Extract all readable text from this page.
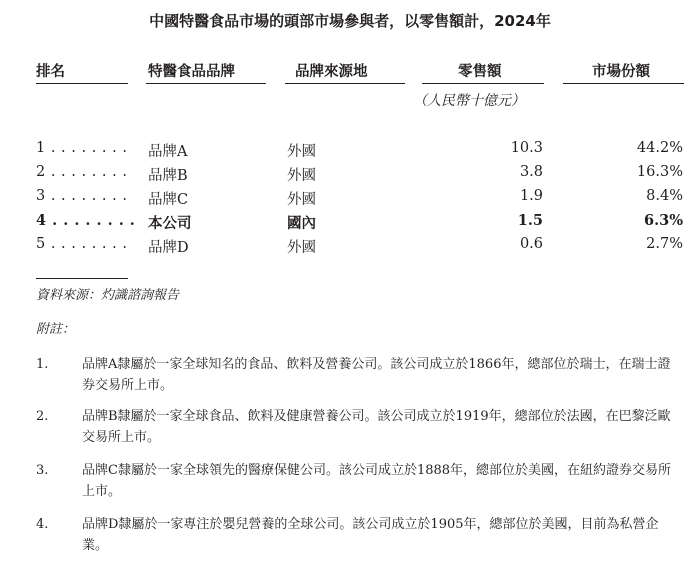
中國特醫食品市場的頭部市場參與者，以零售額計，2024年
排名	特醫食品品牌	品牌來源地	零售額	市場份額
（人民幣十億元）
1 . . . . . . . . 品牌A	外國	10.3	44.2%
2 . . . . . . . . 品牌B	外國	3.8	16.3%
3 . . . . . . . . 品牌C	外國	1.9	8.4%
4 . . . . . . . . 本公司	國內	1.5	6.3%
5 . . . . . . . . 品牌D	外國	0.6	2.7%
資料來源：灼識諮詢報告
附註：
1.	品牌A隸屬於一家全球知名的食品、飲料及營養公司。該公司成立於1866年，總部位於瑞士，在瑞士證券交易所上市。
2.	品牌B隸屬於一家全球食品、飲料及健康營養公司。該公司成立於1919年，總部位於法國，在巴黎泛歐交易所上市。
3.	品牌C隸屬於一家全球領先的醫療保健公司。該公司成立於1888年，總部位於美國，在紐約證券交易所上市。
4.	品牌D隸屬於一家專注於嬰兒營養的全球公司。該公司成立於1905年，總部位於美國，目前為私營企業。
